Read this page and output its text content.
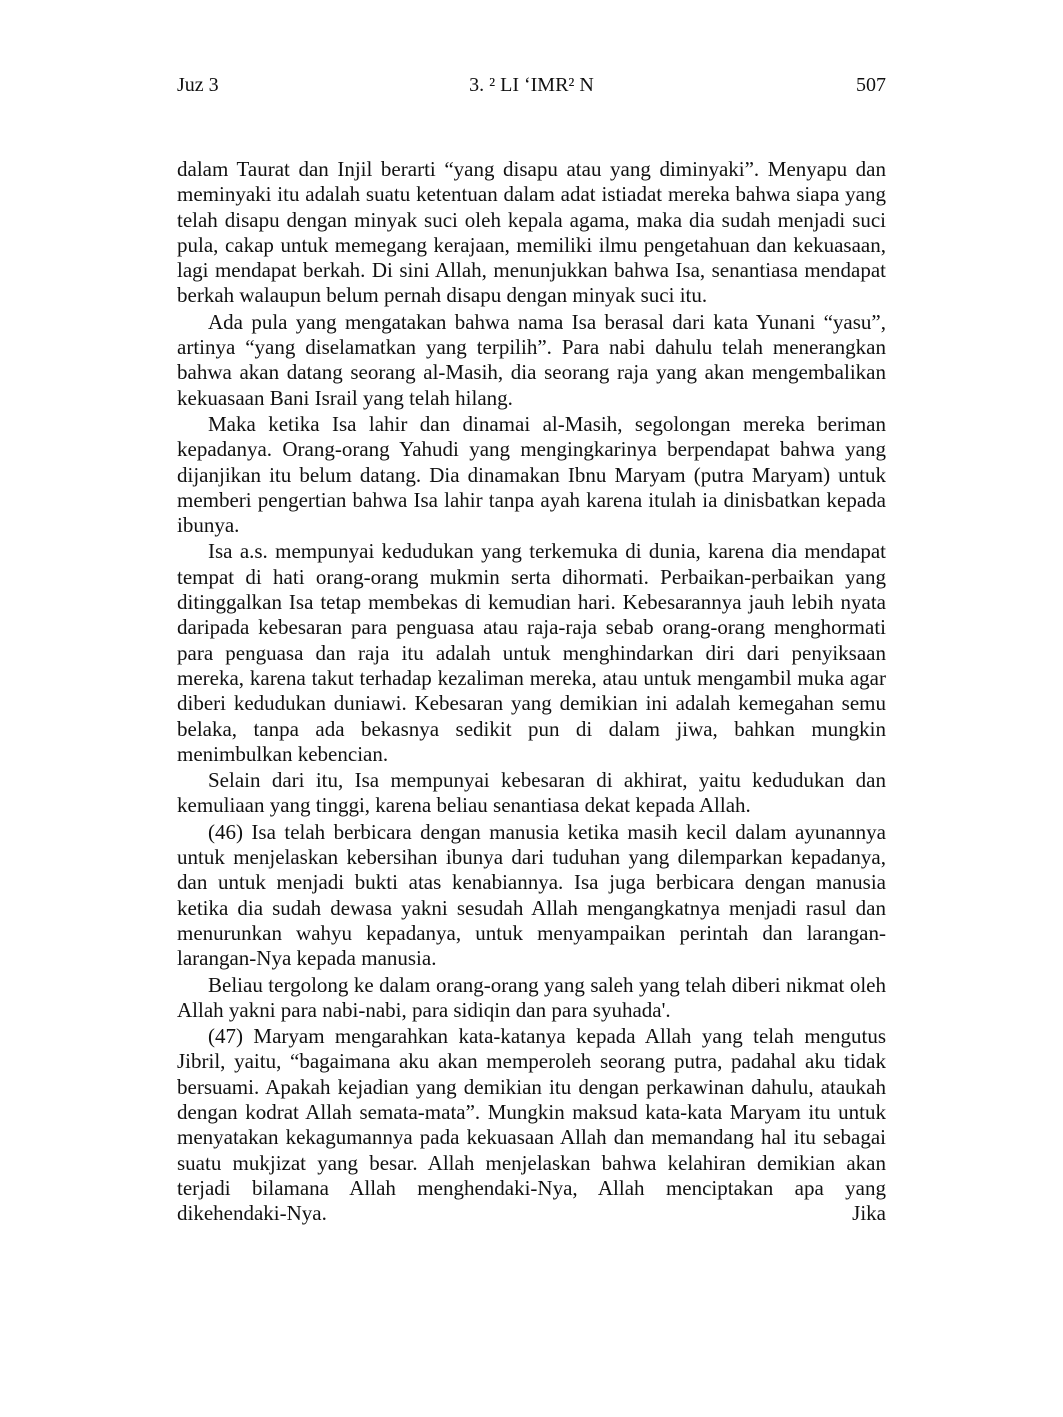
Juz 3	3. ² LI ‘IMR² N	507

dalam Taurat dan Injil berarti “yang disapu atau yang diminyaki”. Menyapu dan meminyaki itu adalah suatu ketentuan dalam adat istiadat mereka bahwa siapa yang telah disapu dengan minyak suci oleh kepala agama, maka dia sudah menjadi suci pula, cakap untuk memegang kerajaan, memiliki ilmu pengetahuan dan kekuasaan, lagi mendapat berkah. Di sini Allah, menunjukkan bahwa Isa, senantiasa mendapat berkah walaupun belum pernah disapu dengan minyak suci itu.

Ada pula yang mengatakan bahwa nama Isa berasal dari kata Yunani “yasu”, artinya “yang diselamatkan yang terpilih”. Para nabi dahulu telah menerangkan bahwa akan datang seorang al-Masih, dia seorang raja yang akan mengembalikan kekuasaan Bani Israil yang telah hilang.

Maka ketika Isa lahir dan dinamai al-Masih, segolongan mereka beriman kepadanya. Orang-orang Yahudi yang mengingkarinya berpendapat bahwa yang dijanjikan itu belum datang. Dia dinamakan Ibnu Maryam (putra Maryam) untuk memberi pengertian bahwa Isa lahir tanpa ayah karena itulah ia dinisbatkan kepada ibunya.

Isa a.s. mempunyai kedudukan yang terkemuka di dunia, karena dia mendapat tempat di hati orang-orang mukmin serta dihormati. Perbaikan-perbaikan yang ditinggalkan Isa tetap membekas di kemudian hari. Kebesarannya jauh lebih nyata daripada kebesaran para penguasa atau raja-raja sebab orang-orang menghormati para penguasa dan raja itu adalah untuk menghindarkan diri dari penyiksaan mereka, karena takut terhadap kezaliman mereka, atau untuk mengambil muka agar diberi kedudukan duniawi. Kebesaran yang demikian ini adalah kemegahan semu belaka, tanpa ada bekasnya sedikit pun di dalam jiwa, bahkan mungkin menimbulkan kebencian.

Selain dari itu, Isa mempunyai kebesaran di akhirat, yaitu kedudukan dan kemuliaan yang tinggi, karena beliau senantiasa dekat kepada Allah.

(46) Isa telah berbicara dengan manusia ketika masih kecil dalam ayunannya untuk menjelaskan kebersihan ibunya dari tuduhan yang dilemparkan kepadanya, dan untuk menjadi bukti atas kenabiannya. Isa juga berbicara dengan manusia ketika dia sudah dewasa yakni sesudah Allah mengangkatnya menjadi rasul dan menurunkan wahyu kepadanya, untuk menyampaikan perintah dan larangan-larangan-Nya kepada manusia.

Beliau tergolong ke dalam orang-orang yang saleh yang telah diberi nikmat oleh Allah yakni para nabi-nabi, para sidiqin dan para syuhada'.

(47) Maryam mengarahkan kata-katanya kepada Allah yang telah mengutus Jibril, yaitu, “bagaimana aku akan memperoleh seorang putra, padahal aku tidak bersuami. Apakah kejadian yang demikian itu dengan perkawinan dahulu, ataukah dengan kodrat Allah semata-mata”. Mungkin maksud kata-kata Maryam itu untuk menyatakan kekagumannya pada kekuasaan Allah dan memandang hal itu sebagai suatu mukjizat yang besar. Allah menjelaskan bahwa kelahiran demikian akan terjadi bilamana Allah menghendaki-Nya, Allah menciptakan apa yang dikehendaki-Nya. Jika
